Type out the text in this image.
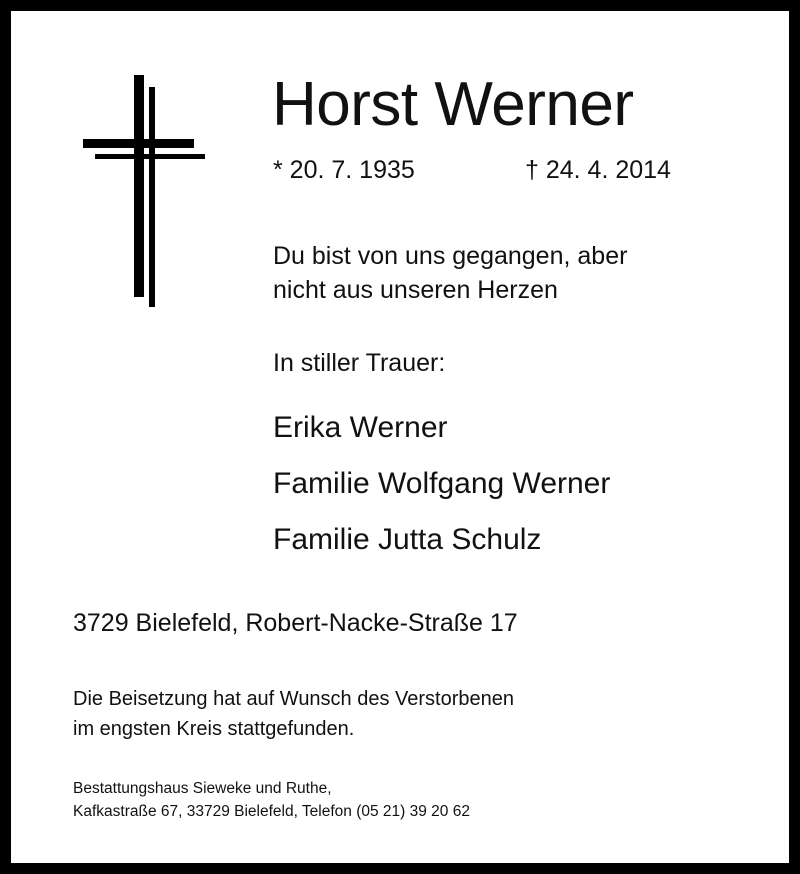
Horst Werner
* 20. 7. 1935	† 24. 4. 2014
Du bist von uns gegangen, aber
nicht aus unseren Herzen
In stiller Trauer:
Erika Werner
Familie Wolfgang Werner
Familie Jutta Schulz
3729 Bielefeld, Robert-Nacke-Straße 17
Die Beisetzung hat auf Wunsch des Verstorbenen
im engsten Kreis stattgefunden.
Bestattungshaus Sieweke und Ruthe,
Kafkastraße 67, 33729 Bielefeld, Telefon (05 21) 39 20 62
